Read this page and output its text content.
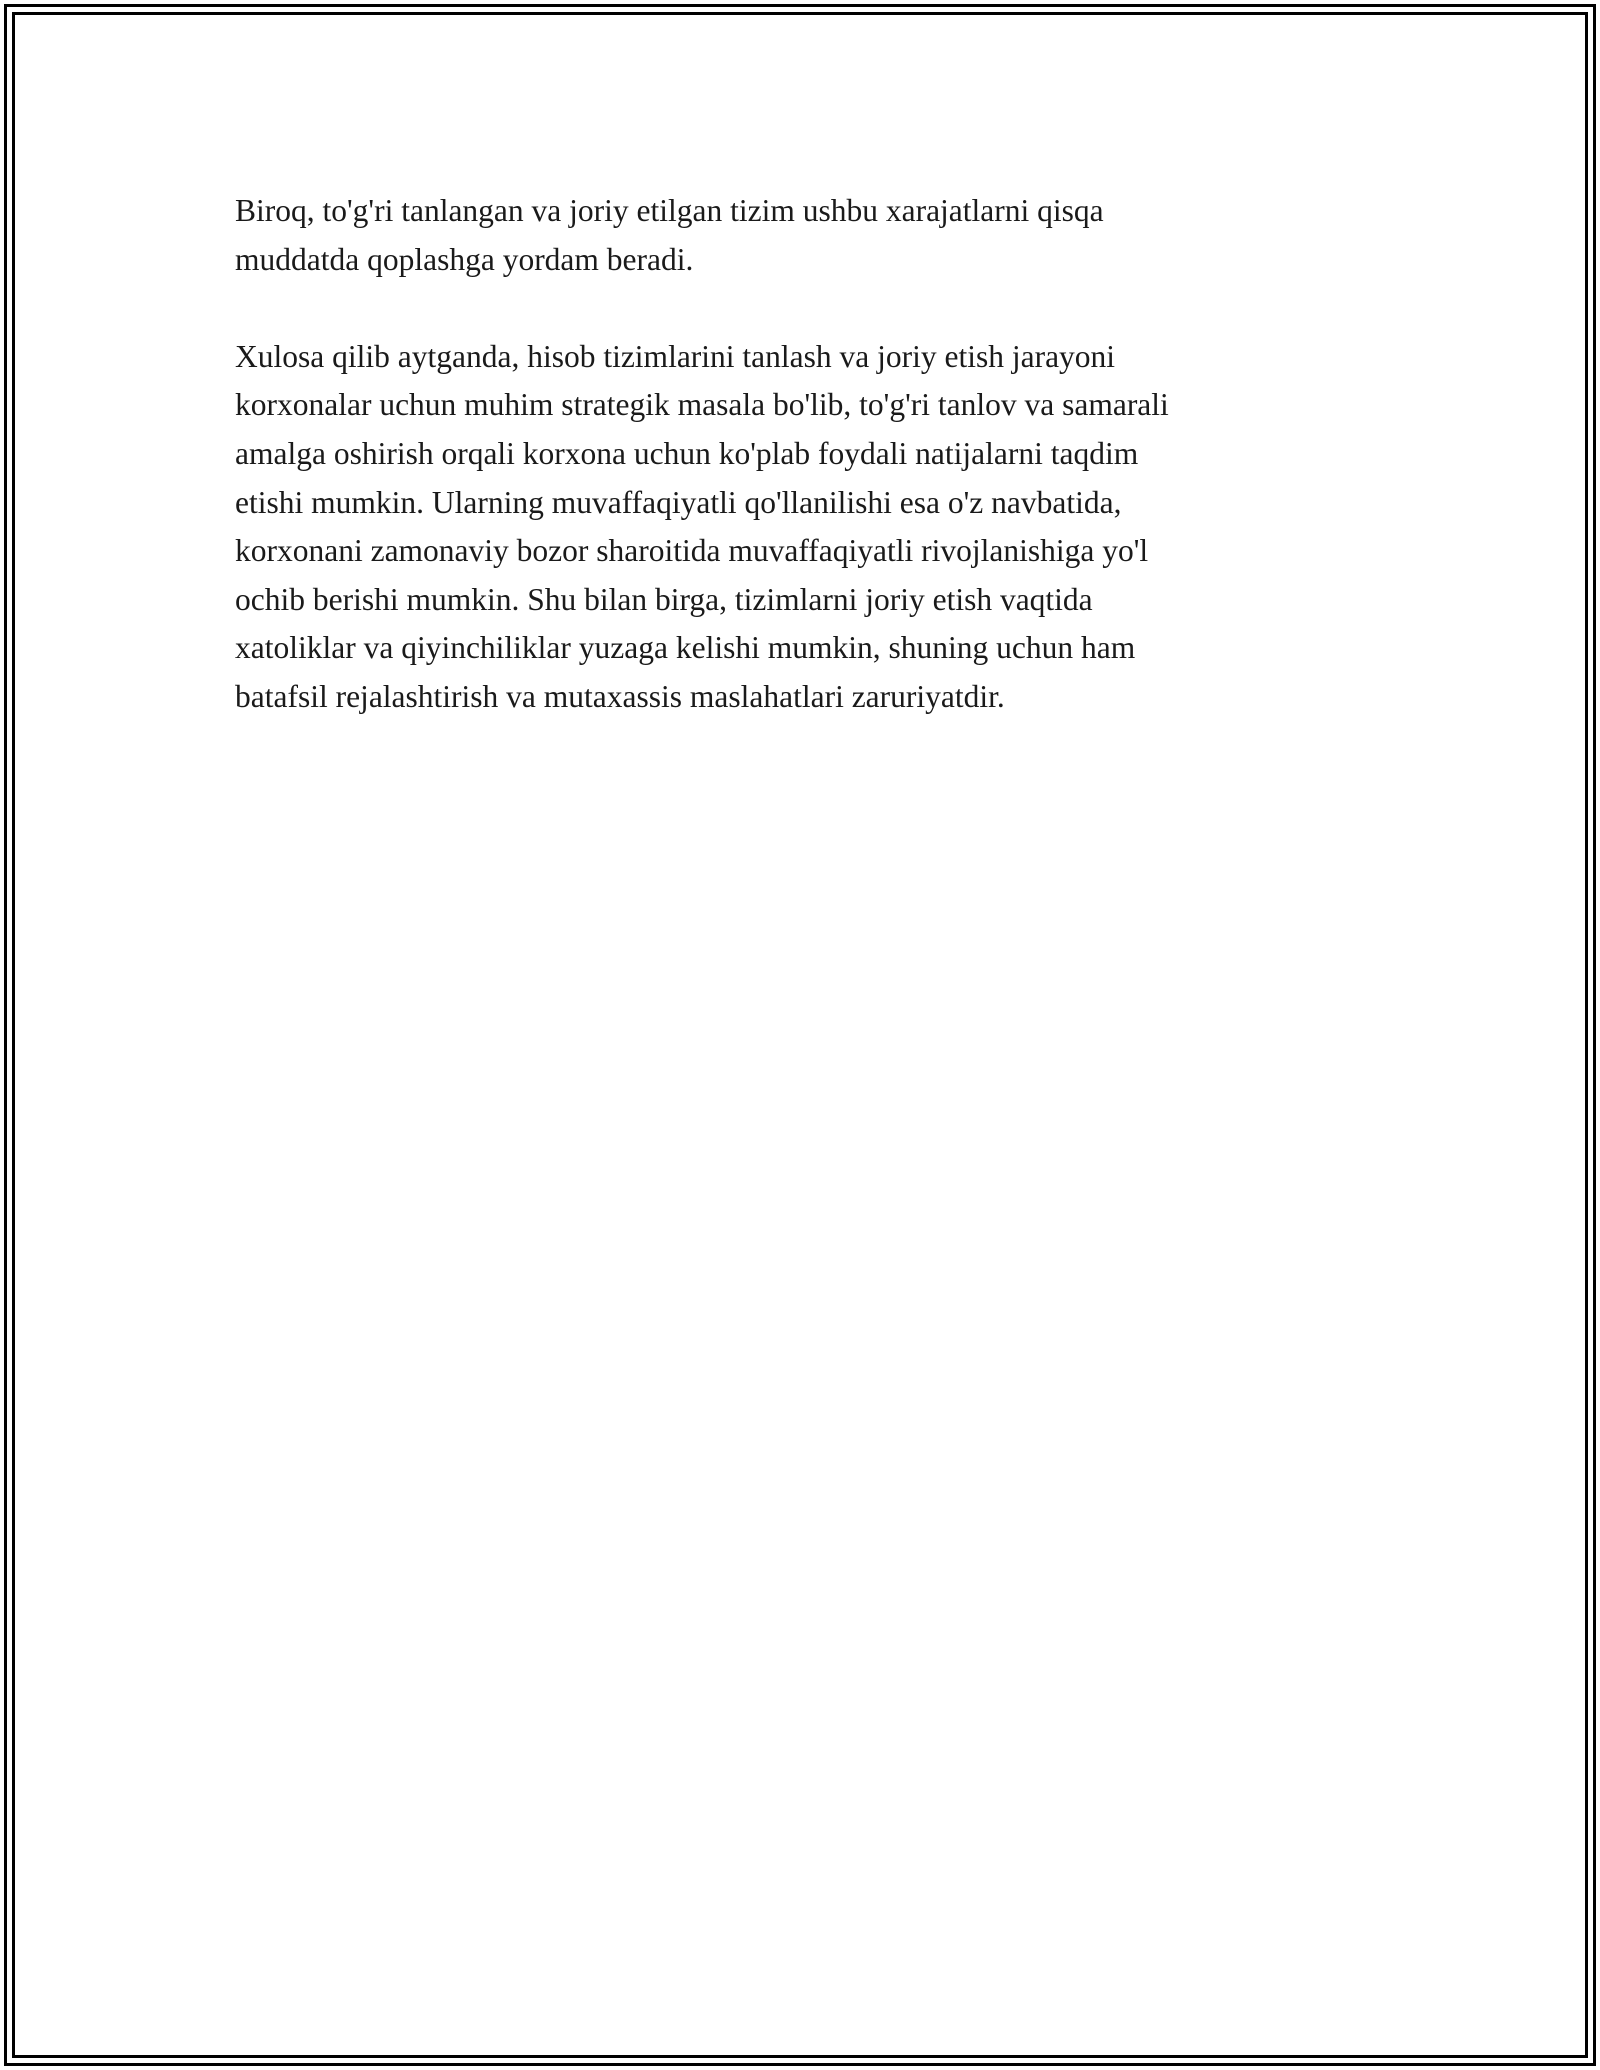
Biroq, to'g'ri tanlangan va joriy etilgan tizim ushbu xarajatlarni qisqa
muddatda qoplashga yordam beradi.

Xulosa qilib aytganda, hisob tizimlarini tanlash va joriy etish jarayoni
korxonalar uchun muhim strategik masala bo'lib, to'g'ri tanlov va samarali
amalga oshirish orqali korxona uchun ko'plab foydali natijalarni taqdim
etishi mumkin. Ularning muvaffaqiyatli qo'llanilishi esa o'z navbatida,
korxonani zamonaviy bozor sharoitida muvaffaqiyatli rivojlanishiga yo'l
ochib berishi mumkin. Shu bilan birga, tizimlarni joriy etish vaqtida
xatoliklar va qiyinchiliklar yuzaga kelishi mumkin, shuning uchun ham
batafsil rejalashtirish va mutaxassis maslahatlari zaruriyatdir.
